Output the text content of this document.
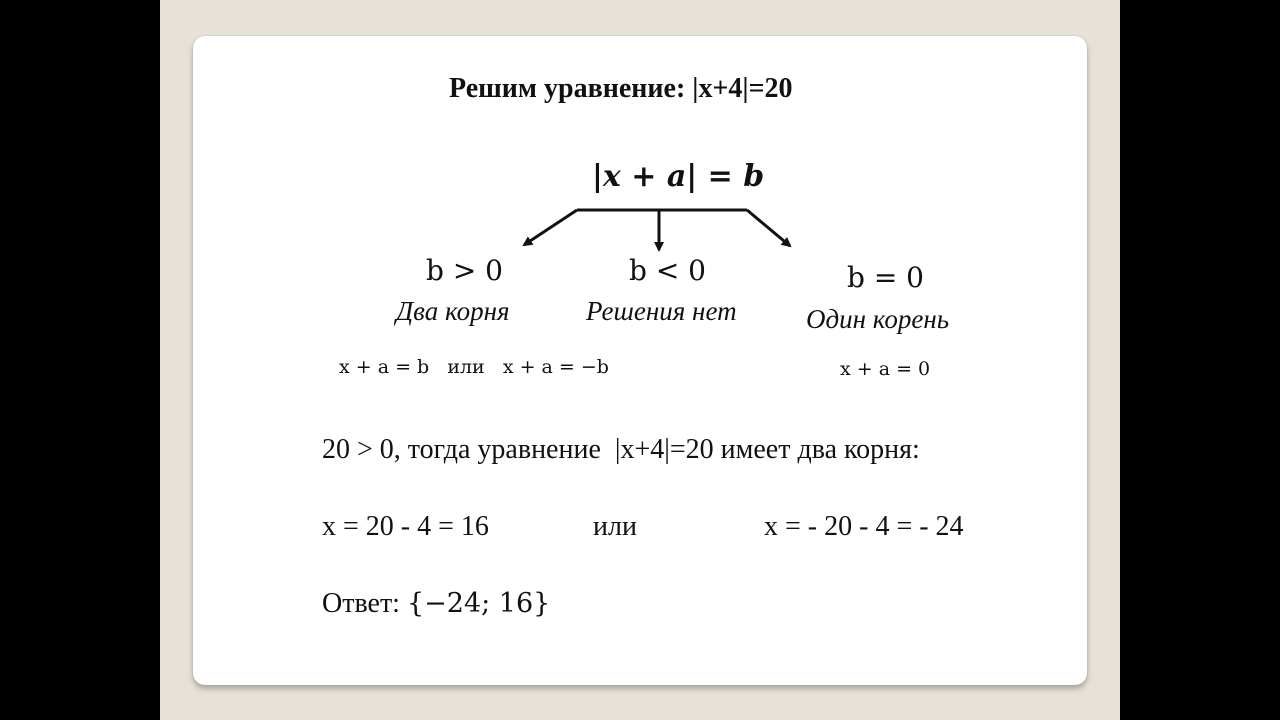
Решим уравнение: |x+4|=20
|x + a| = b
b > 0	b < 0	b = 0
Два корня	Решения нет	Один корень
x + a = b   или   x + a = −b	x + a = 0
20 > 0, тогда уравнение  |x+4|=20 имеет два корня:
x = 20 - 4 = 16	или	x = - 20 - 4 = - 24
Ответ: {−24; 16}
